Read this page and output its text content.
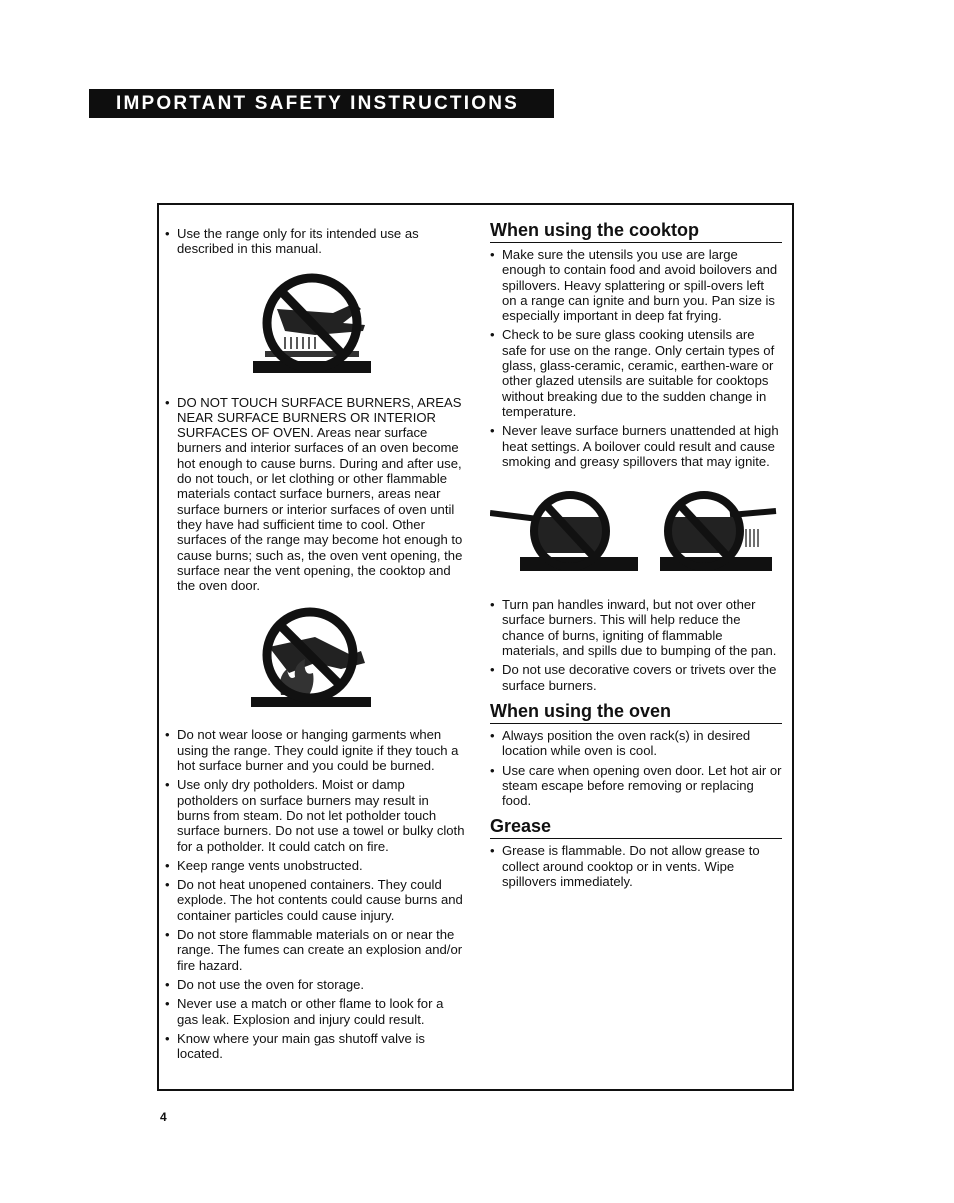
IMPORTANT SAFETY INSTRUCTIONS
• Use the range only for its intended use as described in this manual.
• DO NOT TOUCH SURFACE BURNERS, AREAS NEAR SURFACE BURNERS OR INTERIOR SURFACES OF OVEN. Areas near surface burners and interior surfaces of an oven become hot enough to cause burns. During and after use, do not touch, or let clothing or other flammable materials contact surface burners, areas near surface burners or interior surfaces of oven until they have had sufficient time to cool. Other surfaces of the range may become hot enough to cause burns; such as, the oven vent opening, the surface near the vent opening, the cooktop and the oven door.
• Do not wear loose or hanging garments when using the range. They could ignite if they touch a hot surface burner and you could be burned.
• Use only dry potholders. Moist or damp potholders on surface burners may result in burns from steam. Do not let potholder touch surface burners. Do not use a towel or bulky cloth for a potholder. It could catch on fire.
• Keep range vents unobstructed.
• Do not heat unopened containers. They could explode. The hot contents could cause burns and container particles could cause injury.
• Do not store flammable materials on or near the range. The fumes can create an explosion and/or fire hazard.
• Do not use the oven for storage.
• Never use a match or other flame to look for a gas leak. Explosion and injury could result.
• Know where your main gas shutoff valve is located.
When using the cooktop
• Make sure the utensils you use are large enough to contain food and avoid boilovers and spillovers. Heavy splattering or spill-overs left on a range can ignite and burn you. Pan size is especially important in deep fat frying.
• Check to be sure glass cooking utensils are safe for use on the range. Only certain types of glass, glass-ceramic, ceramic, earthen-ware or other glazed utensils are suitable for cooktops without breaking due to the sudden change in temperature.
• Never leave surface burners unattended at high heat settings. A boilover could result and cause smoking and greasy spillovers that may ignite.
• Turn pan handles inward, but not over other surface burners. This will help reduce the chance of burns, igniting of flammable materials, and spills due to bumping of the pan.
• Do not use decorative covers or trivets over the surface burners.
When using the oven
• Always position the oven rack(s) in desired location while oven is cool.
• Use care when opening oven door. Let hot air or steam escape before removing or replacing food.
Grease
• Grease is flammable. Do not allow grease to collect around cooktop or in vents. Wipe spillovers immediately.
4
